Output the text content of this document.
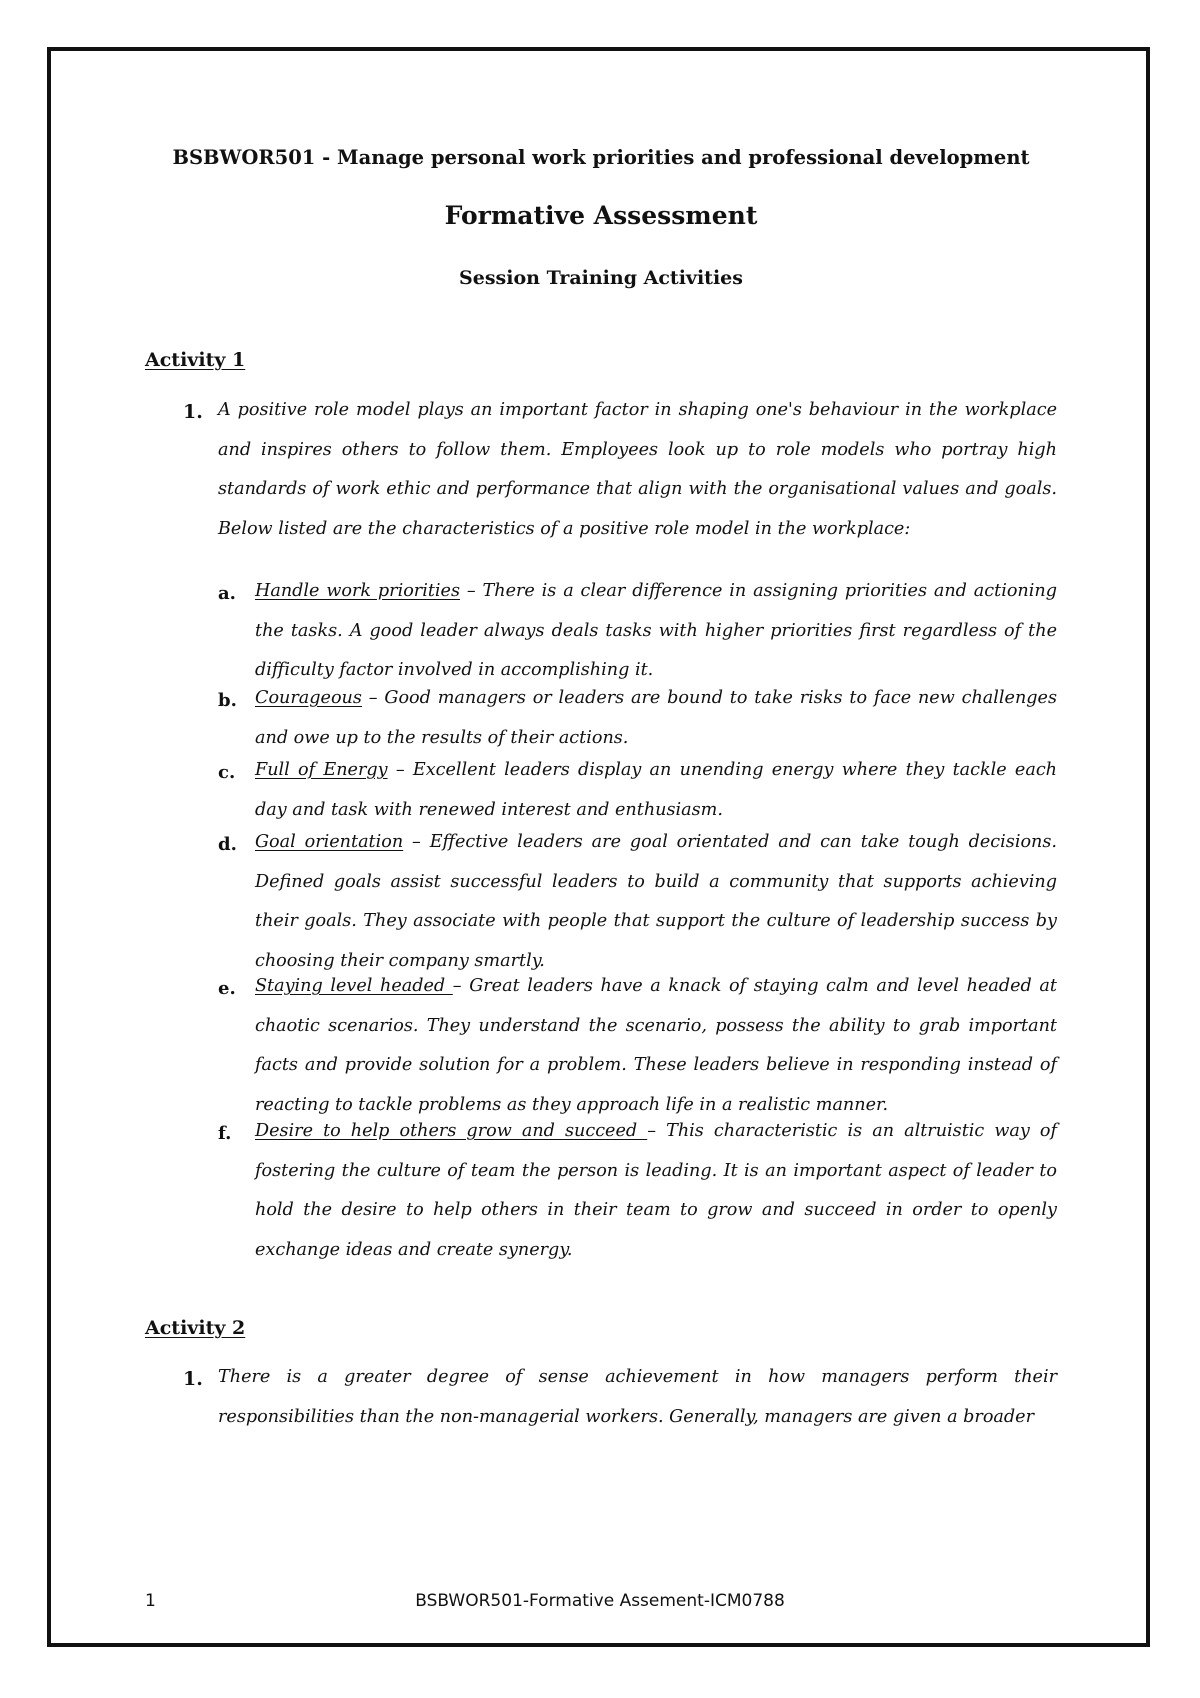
BSBWOR501 - Manage personal work priorities and professional development
Formative Assessment
Session Training Activities
Activity 1
1. A positive role model plays an important factor in shaping one's behaviour in the workplace and inspires others to follow them. Employees look up to role models who portray high standards of work ethic and performance that align with the organisational values and goals. Below listed are the characteristics of a positive role model in the workplace:
a. Handle work priorities – There is a clear difference in assigning priorities and actioning the tasks. A good leader always deals tasks with higher priorities first regardless of the difficulty factor involved in accomplishing it.
b. Courageous – Good managers or leaders are bound to take risks to face new challenges and owe up to the results of their actions.
c. Full of Energy – Excellent leaders display an unending energy where they tackle each day and task with renewed interest and enthusiasm.
d. Goal orientation – Effective leaders are goal orientated and can take tough decisions. Defined goals assist successful leaders to build a community that supports achieving their goals. They associate with people that support the culture of leadership success by choosing their company smartly.
e. Staying level headed – Great leaders have a knack of staying calm and level headed at chaotic scenarios. They understand the scenario, possess the ability to grab important facts and provide solution for a problem. These leaders believe in responding instead of reacting to tackle problems as they approach life in a realistic manner.
f. Desire to help others grow and succeed – This characteristic is an altruistic way of fostering the culture of team the person is leading. It is an important aspect of leader to hold the desire to help others in their team to grow and succeed in order to openly exchange ideas and create synergy.
Activity 2
1. There is a greater degree of sense achievement in how managers perform their responsibilities than the non-managerial workers. Generally, managers are given a broader
1	BSBWOR501-Formative Assement-ICM0788
